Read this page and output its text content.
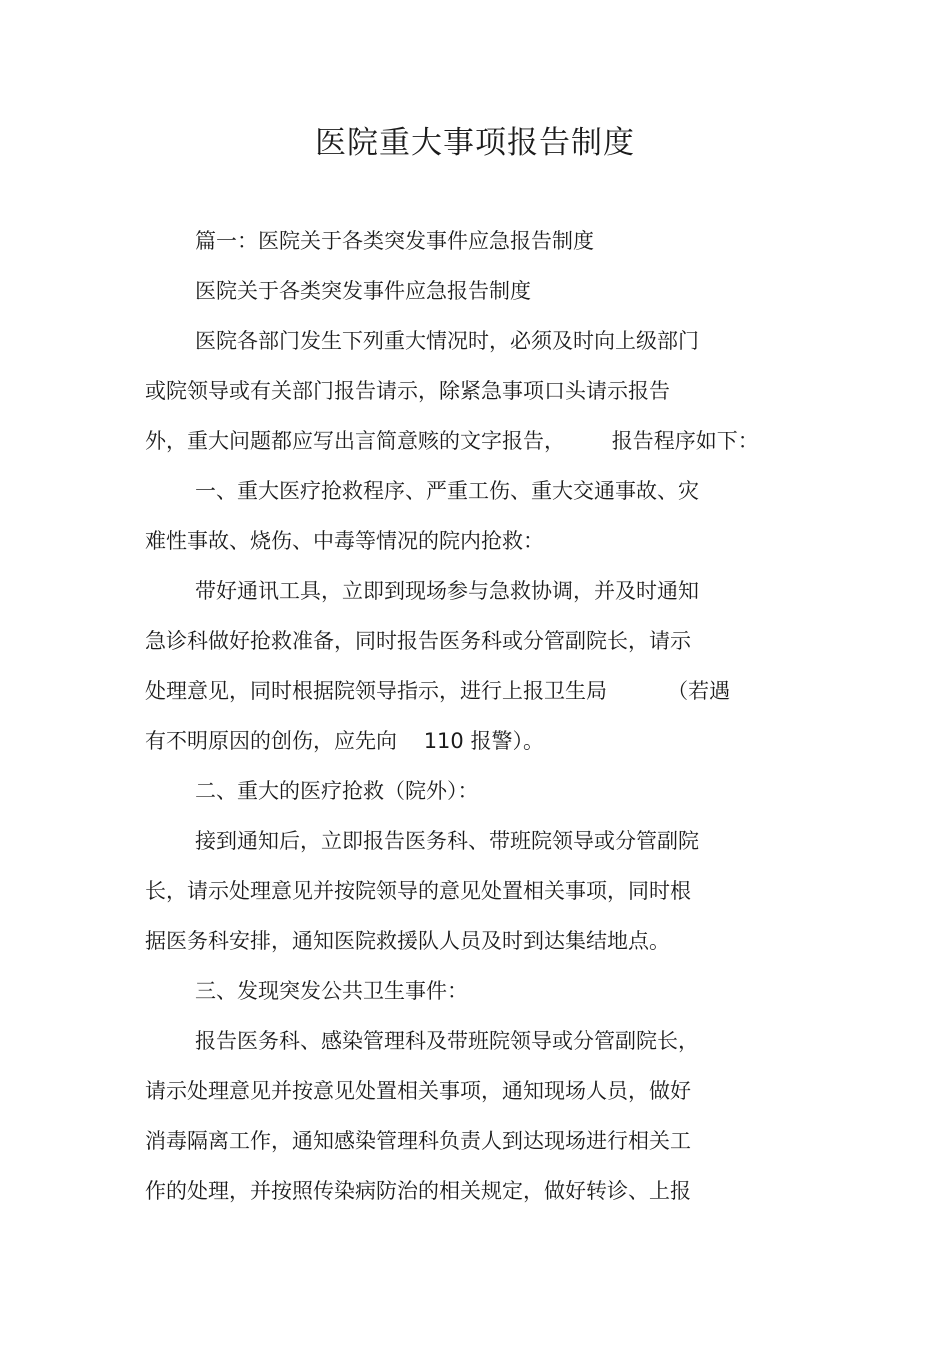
医院重大事项报告制度

篇一：医院关于各类突发事件应急报告制度

医院关于各类突发事件应急报告制度

医院各部门发生下列重大情况时，必须及时向上级部门

或院领导或有关部门报告请示，除紧急事项口头请示报告

外，重大问题都应写出言简意赅的文字报告，       报告程序如下：

一、重大医疗抢救程序、严重工伤、重大交通事故、灾

难性事故、烧伤、中毒等情况的院内抢救：

带好通讯工具，立即到现场参与急救协调，并及时通知

急诊科做好抢救准备，同时报告医务科或分管副院长，请示

处理意见，同时根据院领导指示，进行上报卫生局         （若遇

有不明原因的创伤，应先向    110 报警）。

二、重大的医疗抢救（院外）：

接到通知后，立即报告医务科、带班院领导或分管副院

长，请示处理意见并按院领导的意见处置相关事项，同时根

据医务科安排，通知医院救援队人员及时到达集结地点。

三、发现突发公共卫生事件：

报告医务科、感染管理科及带班院领导或分管副院长，

请示处理意见并按意见处置相关事项，通知现场人员，做好

消毒隔离工作，通知感染管理科负责人到达现场进行相关工

作的处理，并按照传染病防治的相关规定，做好转诊、上报
